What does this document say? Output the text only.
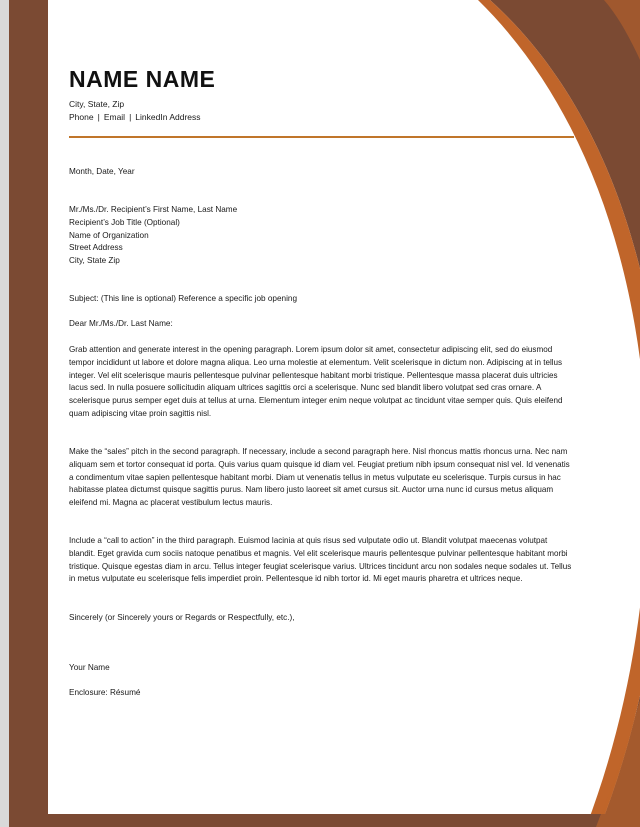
NAME NAME
City, State, Zip
Phone | Email | LinkedIn Address
Month, Date, Year
Mr./Ms./Dr. Recipient’s First Name, Last Name
Recipient’s Job Title (Optional)
Name of Organization
Street Address
City, State Zip
Subject: (This line is optional) Reference a specific job opening
Dear Mr./Ms./Dr. Last Name:

Grab attention and generate interest in the opening paragraph. Lorem ipsum dolor sit amet, consectetur adipiscing elit, sed do eiusmod tempor incididunt ut labore et dolore magna aliqua. Leo urna molestie at elementum. Velit scelerisque in dictum non. Adipiscing at in tellus integer. Vel elit scelerisque mauris pellentesque pulvinar pellentesque habitant morbi tristique. Pellentesque massa placerat duis ultricies lacus sed. In nulla posuere sollicitudin aliquam ultrices sagittis orci a scelerisque. Nunc sed blandit libero volutpat sed cras ornare. A scelerisque purus semper eget duis at tellus at urna. Elementum integer enim neque volutpat ac tincidunt vitae semper quis. Quis eleifend quam adipiscing vitae proin sagittis nisl.

Make the “sales” pitch in the second paragraph. If necessary, include a second paragraph here. Nisl rhoncus mattis rhoncus urna. Nec nam aliquam sem et tortor consequat id porta. Quis varius quam quisque id diam vel. Feugiat pretium nibh ipsum consequat nisl vel. Id venenatis a condimentum vitae sapien pellentesque habitant morbi. Diam ut venenatis tellus in metus vulputate eu scelerisque. Turpis cursus in hac habitasse platea dictumst quisque sagittis purus. Nam libero justo laoreet sit amet cursus sit. Auctor urna nunc id cursus metus aliquam eleifend mi. Magna ac placerat vestibulum lectus mauris.

Include a “call to action” in the third paragraph. Euismod lacinia at quis risus sed vulputate odio ut. Blandit volutpat maecenas volutpat blandit. Eget gravida cum sociis natoque penatibus et magnis. Vel elit scelerisque mauris pellentesque pulvinar pellentesque habitant morbi tristique. Quisque egestas diam in arcu. Tellus integer feugiat scelerisque varius. Ultrices tincidunt arcu non sodales neque sodales ut. Tellus in metus vulputate eu scelerisque felis imperdiet proin. Pellentesque id nibh tortor id. Mi eget mauris pharetra et ultrices neque.

Sincerely (or Sincerely yours or Regards or Respectfully, etc.),
Your Name
Enclosure: Résumé
